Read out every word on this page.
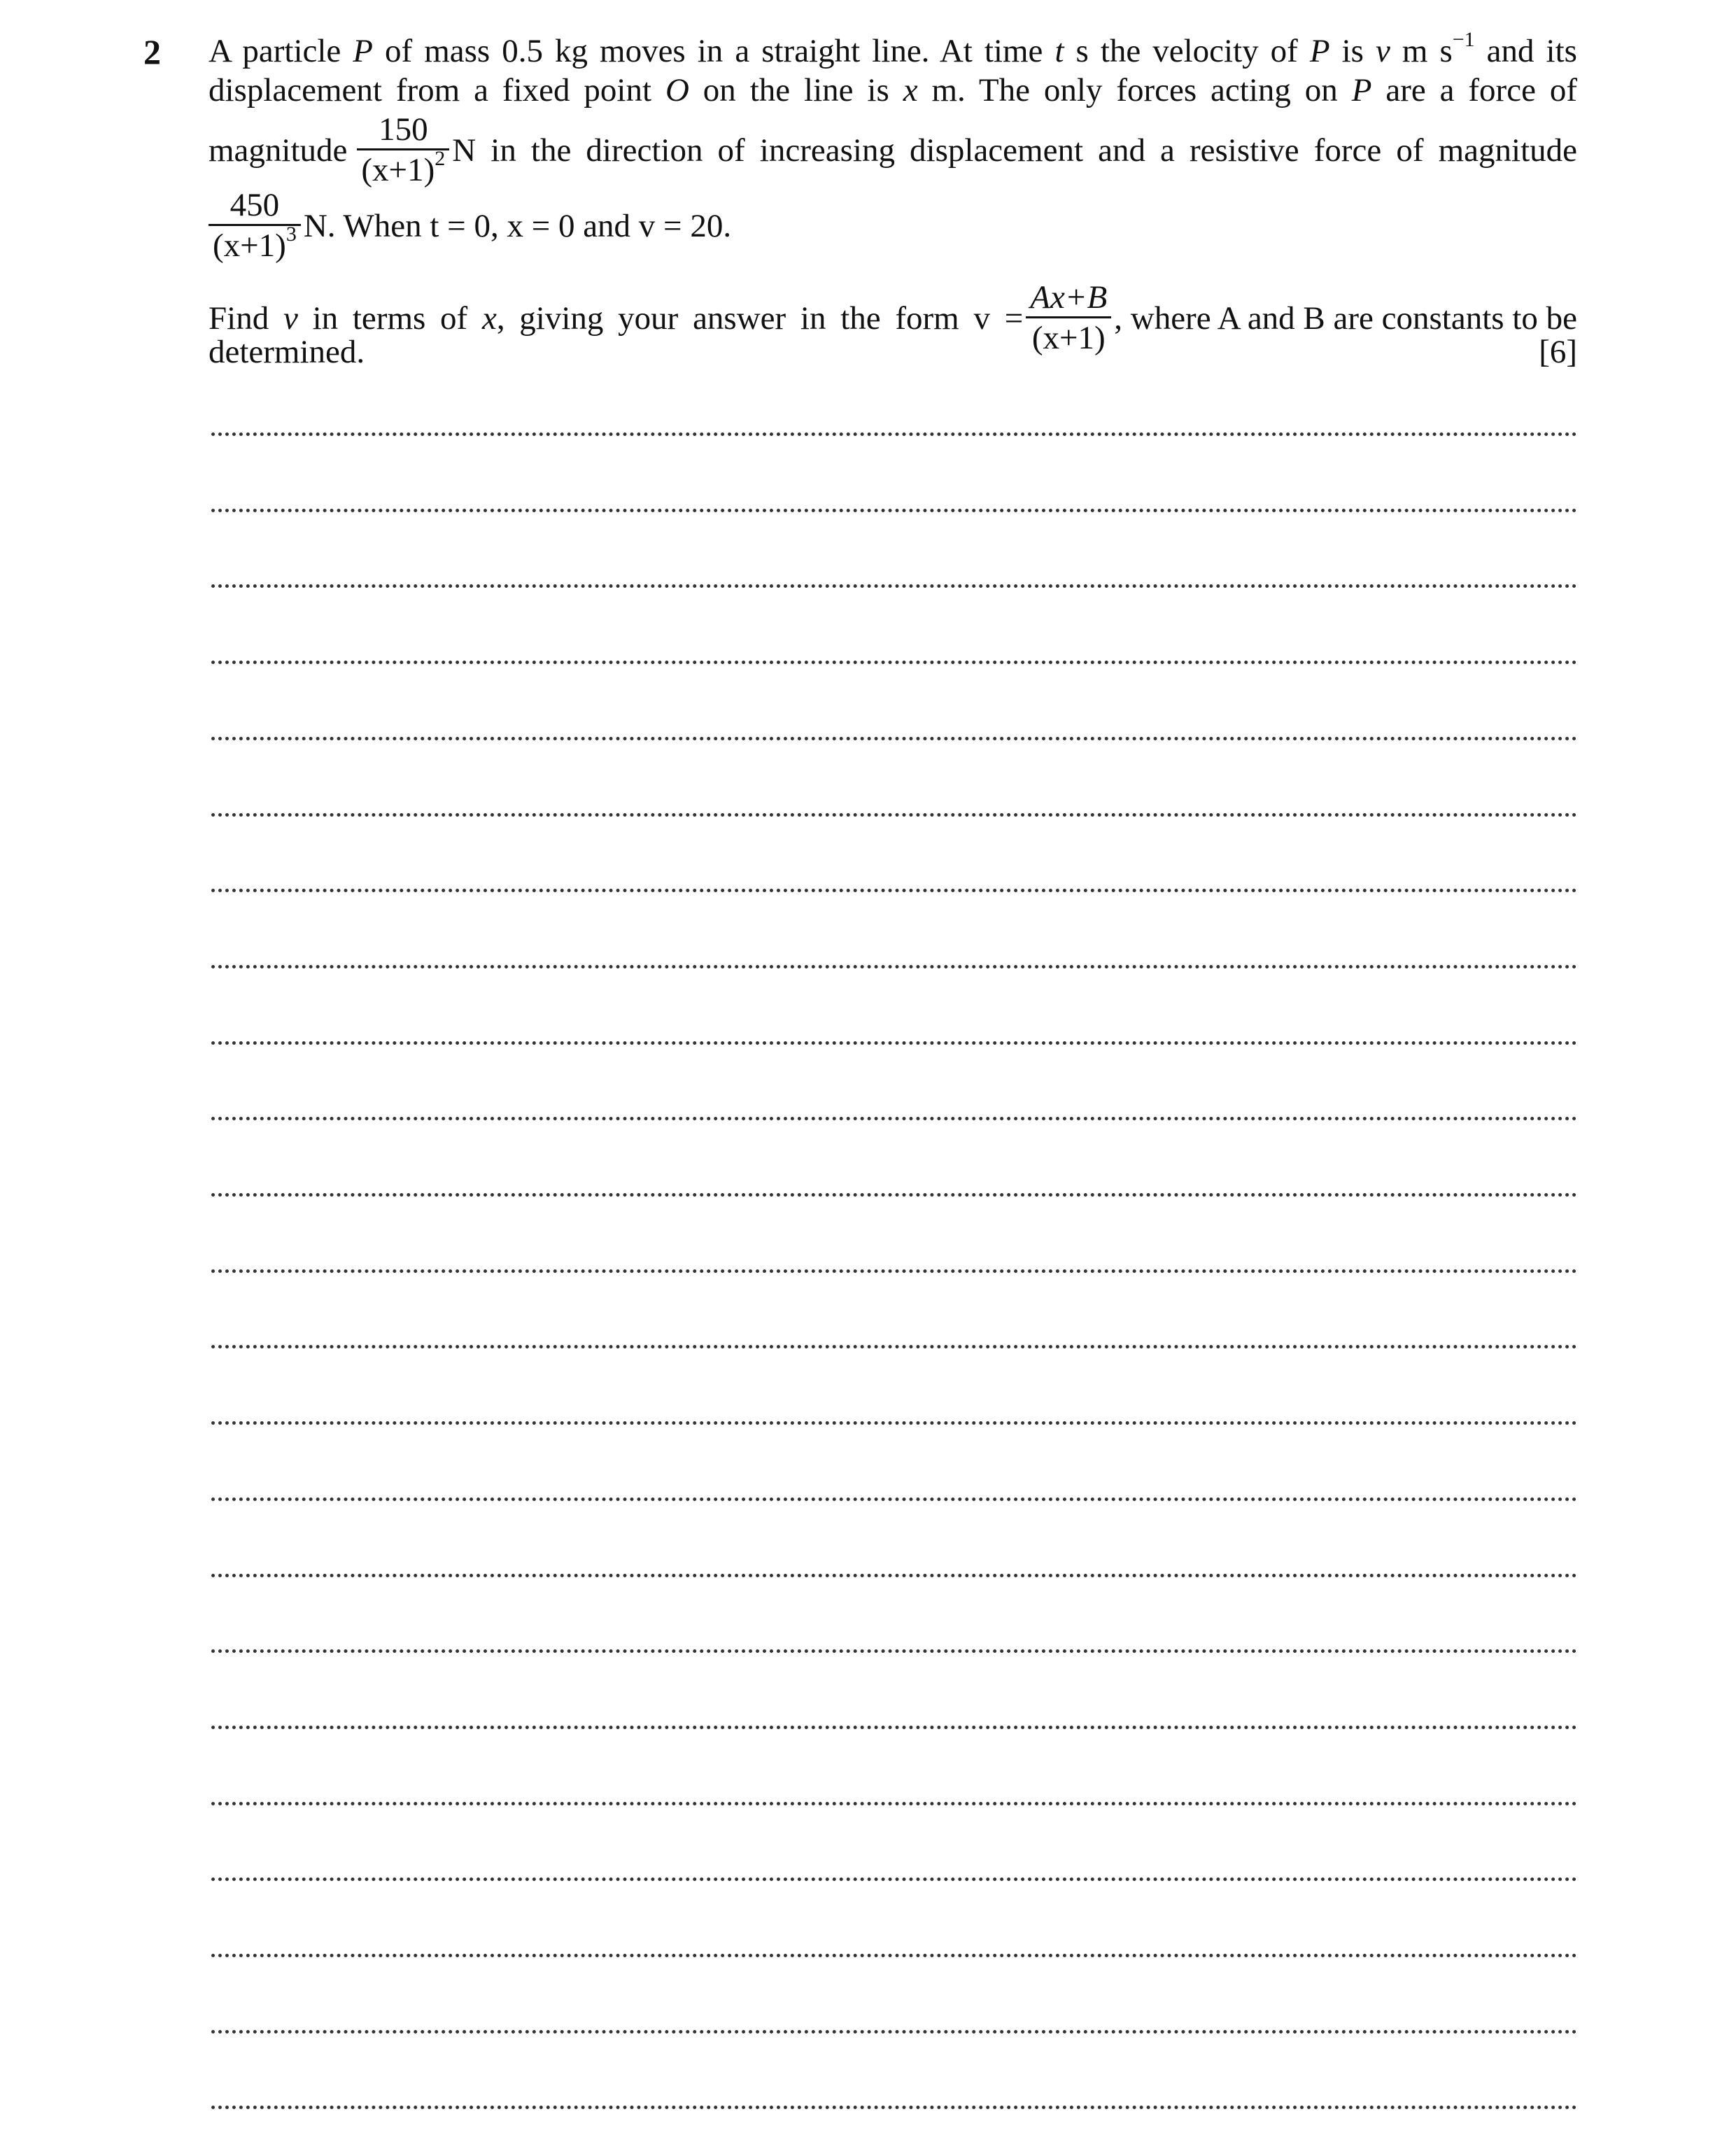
2 A particle P of mass 0.5 kg moves in a straight line. At time t s the velocity of P is v m $s^{-1}$ and its
displacement from a fixed point O on the line is x m. The only forces acting on P are a force of
magnitude $\frac{150}{(x+1)^2}$ N in the direction of increasing displacement and a resistive force of magnitude
$\frac{450}{(x+1)^3} N$. When t = 0, x = 0 and v = 20.
Find v in terms of x, giving your answer in the form $v = \frac{Ax+B}{(x+1)}$ , where A and B are constants to be
determined.	[6]
